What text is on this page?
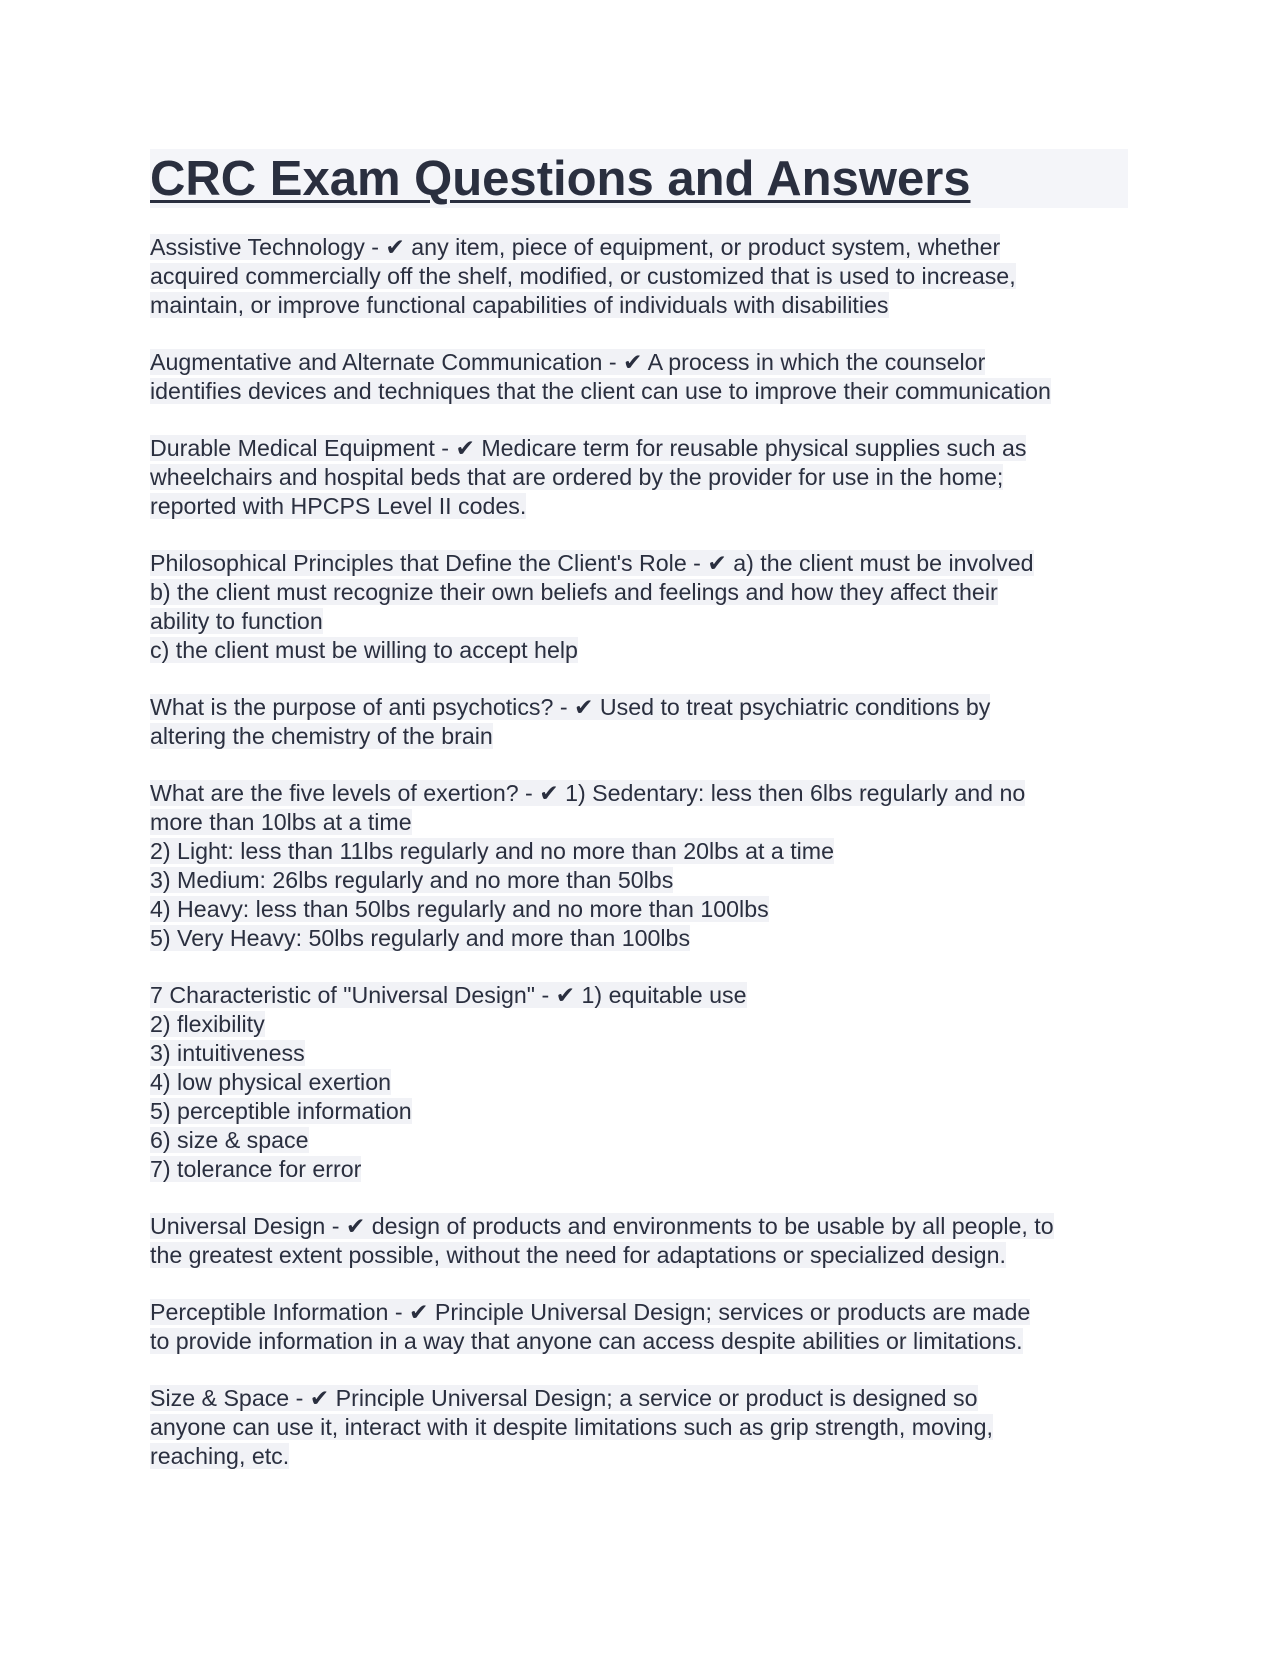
CRC Exam Questions and Answers
Assistive Technology - ✔ any item, piece of equipment, or product system, whether
acquired commercially off the shelf, modified, or customized that is used to increase,
maintain, or improve functional capabilities of individuals with disabilities
Augmentative and Alternate Communication - ✔ A process in which the counselor
identifies devices and techniques that the client can use to improve their communication
Durable Medical Equipment - ✔ Medicare term for reusable physical supplies such as
wheelchairs and hospital beds that are ordered by the provider for use in the home;
reported with HPCPS Level II codes.
Philosophical Principles that Define the Client's Role - ✔ a) the client must be involved
b) the client must recognize their own beliefs and feelings and how they affect their
ability to function
c) the client must be willing to accept help
What is the purpose of anti psychotics? - ✔ Used to treat psychiatric conditions by
altering the chemistry of the brain
What are the five levels of exertion? - ✔ 1) Sedentary: less then 6lbs regularly and no
more than 10lbs at a time
2) Light: less than 11lbs regularly and no more than 20lbs at a time
3) Medium: 26lbs regularly and no more than 50lbs
4) Heavy: less than 50lbs regularly and no more than 100lbs
5) Very Heavy: 50lbs regularly and more than 100lbs
7 Characteristic of "Universal Design" - ✔ 1) equitable use
2) flexibility
3) intuitiveness
4) low physical exertion
5) perceptible information
6) size & space
7) tolerance for error
Universal Design - ✔ design of products and environments to be usable by all people, to
the greatest extent possible, without the need for adaptations or specialized design.
Perceptible Information - ✔ Principle Universal Design; services or products are made
to provide information in a way that anyone can access despite abilities or limitations.
Size & Space - ✔ Principle Universal Design; a service or product is designed so
anyone can use it, interact with it despite limitations such as grip strength, moving,
reaching, etc.
